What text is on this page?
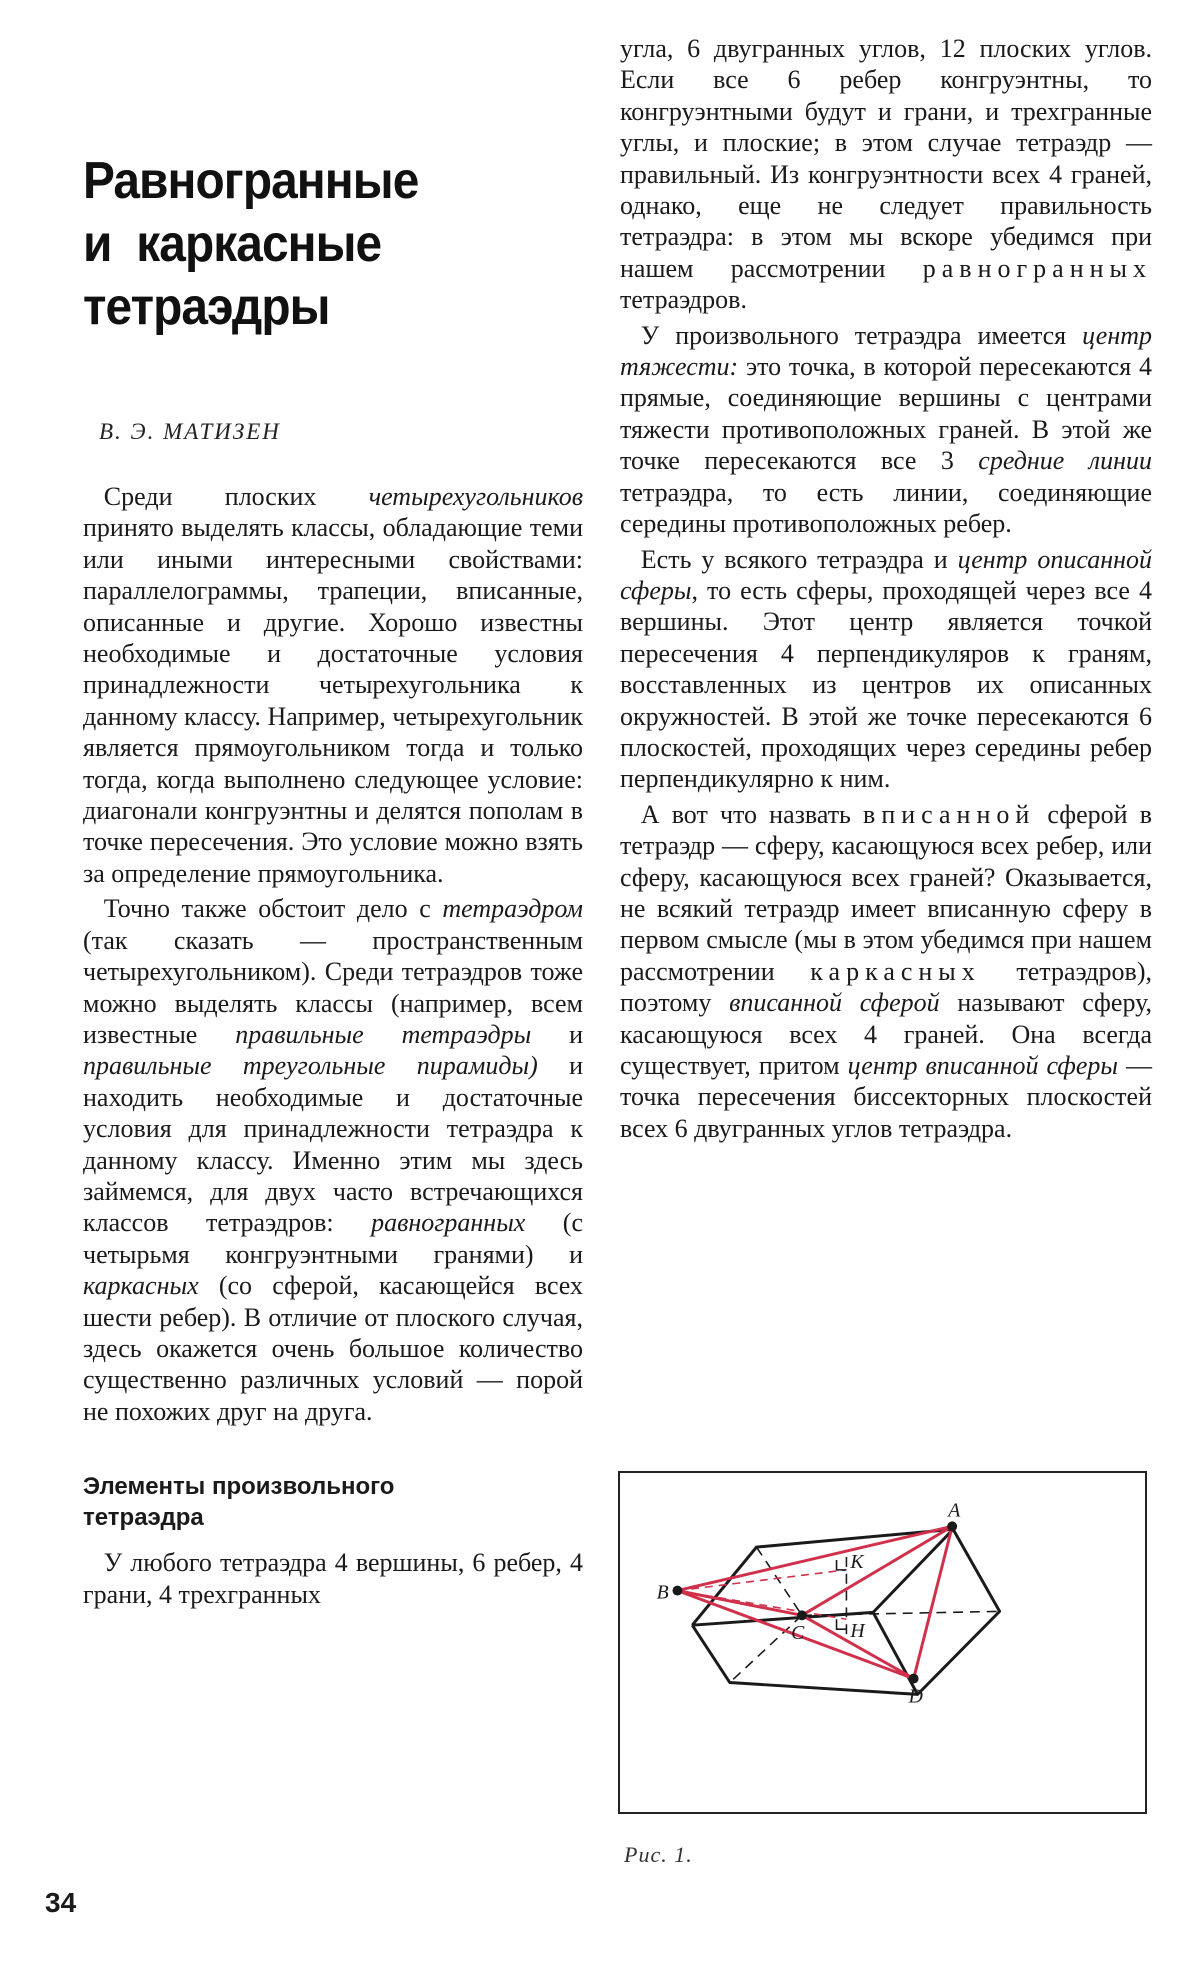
Равногранные
и  каркасные
тетраэдры
В. Э. МАТИЗЕН

Среди плоских четырехугольников принято выделять классы, обладающие теми или иными интересными свойствами: параллелограммы, трапеции, вписанные, описанные и другие. Хорошо известны необходимые и достаточные условия принадлежности четырехугольника к данному классу. Например, четырехугольник является прямоугольником тогда и только тогда, когда выполнено следующее условие: диагонали конгруэнтны и делятся пополам в точке пересечения. Это условие можно взять за определение прямоугольника.

Точно также обстоит дело с тетраэдром (так сказать — пространственным четырехугольником). Среди тетраэдров тоже можно выделять классы (например, всем известные правильные тетраэдры и правильные треугольные пирамиды) и находить необходимые и достаточные условия для принадлежности тетраэдра к данному классу. Именно этим мы здесь займемся, для двух часто встречающихся классов тетраэдров: равногранных (с четырьмя конгруэнтными гранями) и каркасных (со сферой, касающейся всех шести ребер). В отличие от плоского случая, здесь окажется очень большое количество существенно различных условий — порой не похожих друг на друга.

Элементы произвольного
тетраэдра

У любого тетраэдра 4 вершины, 6 ребер, 4 грани, 4 трехгранных

угла, 6 двугранных углов, 12 плоских углов. Если все 6 ребер конгруэнтны, то конгруэнтными будут и грани, и трехгранные углы, и плоские; в этом случае тетраэдр — правильный. Из конгруэнтности всех 4 граней, однако, еще не следует правильность тетраэдра: в этом мы вскоре убедимся при нашем рассмотрении равногранных тетраэдров.

У произвольного тетраэдра имеется центр тяжести: это точка, в которой пересекаются 4 прямые, соединяющие вершины с центрами тяжести противоположных граней. В этой же точке пересекаются все 3 средние линии тетраэдра, то есть линии, соединяющие середины противоположных ребер.

Есть у всякого тетраэдра и центр описанной сферы, то есть сферы, проходящей через все 4 вершины. Этот центр является точкой пересечения 4 перпендикуляров к граням, восставленных из центров их описанных окружностей. В этой же точке пересекаются 6 плоскостей, проходящих через середины ребер перпендикулярно к ним.

А вот что назвать вписанной сферой в тетраэдр — сферу, касающуюся всех ребер, или сферу, касающуюся всех граней? Оказывается, не всякий тетраэдр имеет вписанную сферу в первом смысле (мы в этом убедимся при нашем рассмотрении каркасных тетраэдров), поэтому вписанной сферой называют сферу, касающуюся всех 4 граней. Она всегда существует, притом центр вписанной сферы — точка пересечения биссекторных плоскостей всех 6 двугранных углов тетраэдра.

A
B
C
D
K
H
Рис. 1.
34
